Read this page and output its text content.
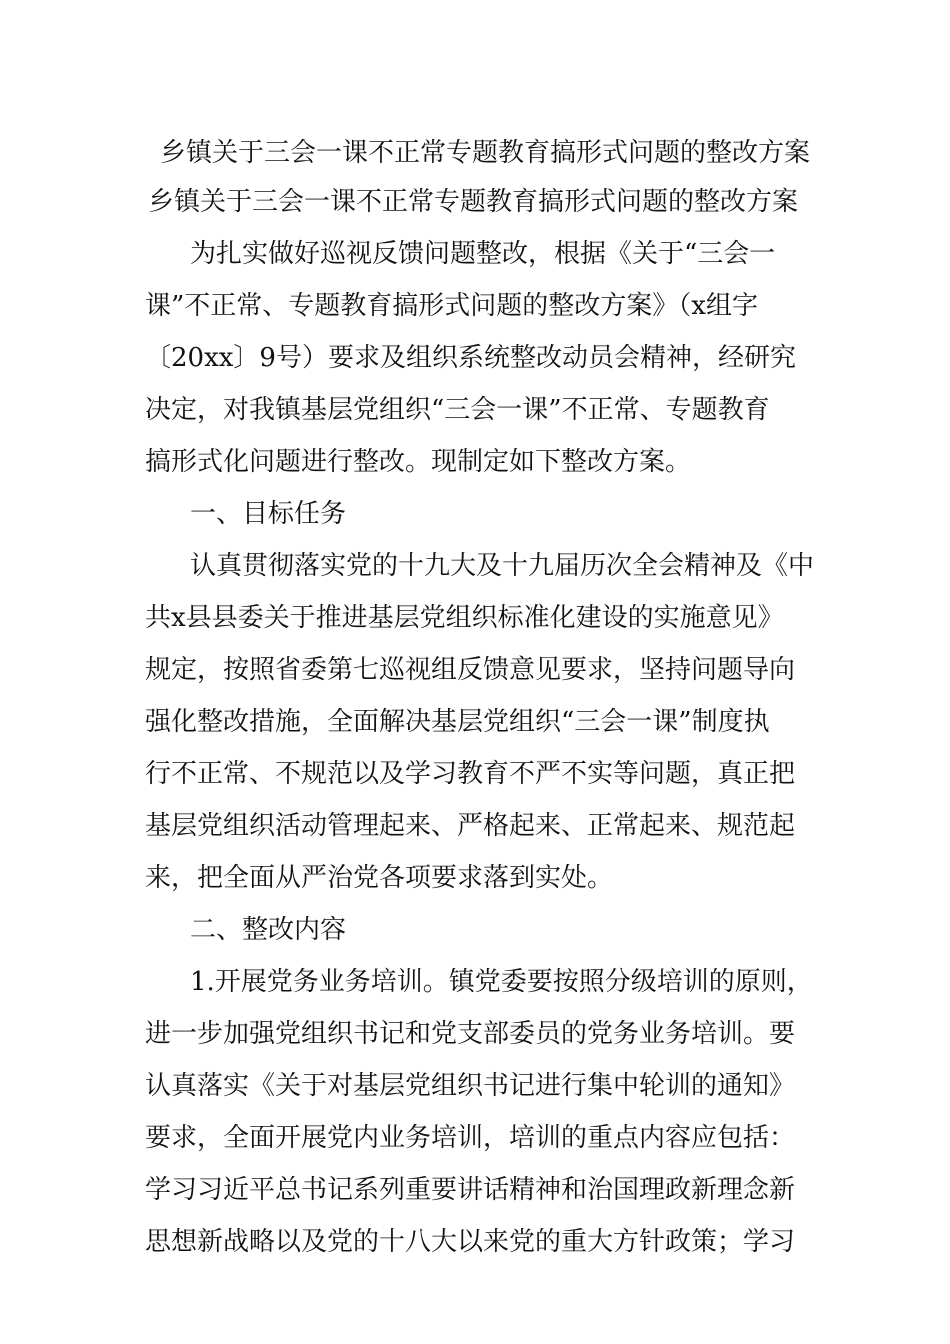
乡镇关于三会一课不正常专题教育搞形式问题的整改方案
乡镇关于三会一课不正常专题教育搞形式问题的整改方案
为扎实做好巡视反馈问题整改，根据《关于“三会一
课”不正常、专题教育搞形式问题的整改方案》（x组字
〔20xx〕9号）要求及组织系统整改动员会精神，经研究
决定，对我镇基层党组织“三会一课”不正常、专题教育
搞形式化问题进行整改。现制定如下整改方案。
一、目标任务
认真贯彻落实党的十九大及十九届历次全会精神及《中
共x县县委关于推进基层党组织标准化建设的实施意见》
规定，按照省委第七巡视组反馈意见要求，坚持问题导向
强化整改措施，全面解决基层党组织“三会一课”制度执
行不正常、不规范以及学习教育不严不实等问题，真正把
基层党组织活动管理起来、严格起来、正常起来、规范起
来，把全面从严治党各项要求落到实处。
二、整改内容
1.开展党务业务培训。镇党委要按照分级培训的原则，
进一步加强党组织书记和党支部委员的党务业务培训。要
认真落实《关于对基层党组织书记进行集中轮训的通知》
要求，全面开展党内业务培训，培训的重点内容应包括：
学习习近平总书记系列重要讲话精神和治国理政新理念新
思想新战略以及党的十八大以来党的重大方针政策；学习
